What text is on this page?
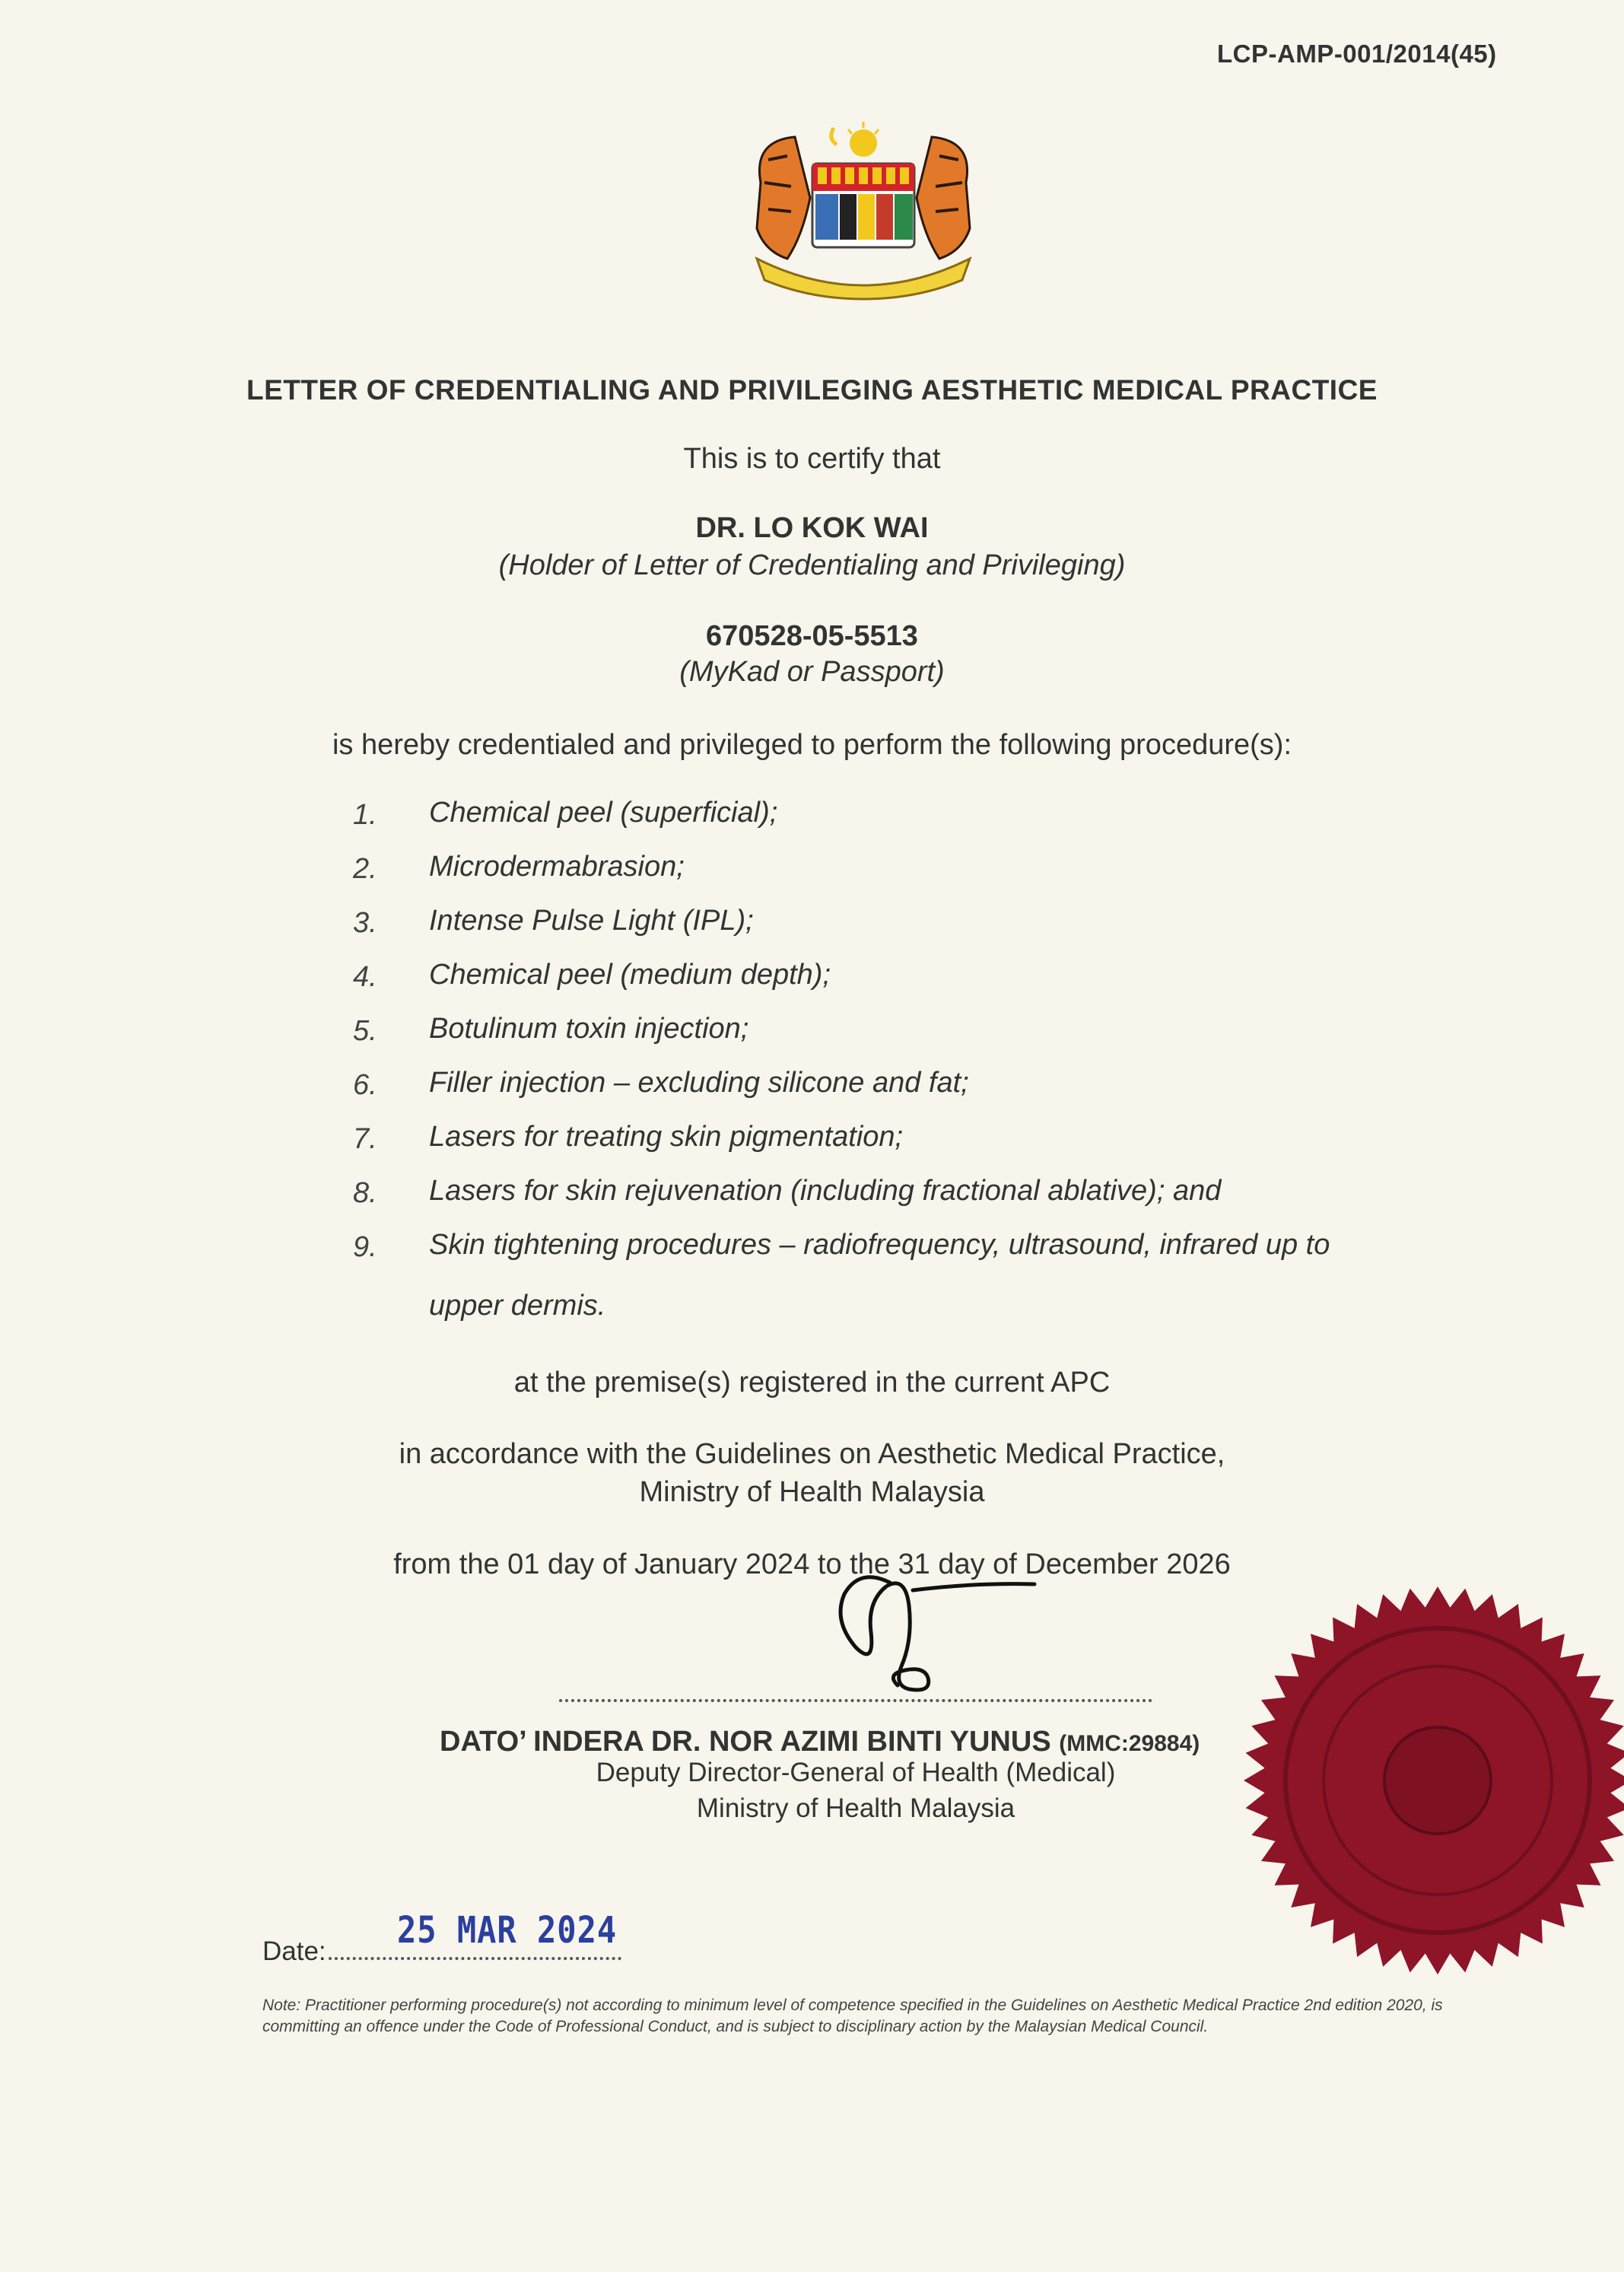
LCP-AMP-001/2014(45)
LETTER OF CREDENTIALING AND PRIVILEGING AESTHETIC MEDICAL PRACTICE
This is to certify that
DR. LO KOK WAI
(Holder of Letter of Credentialing and Privileging)
670528-05-5513
(MyKad or Passport)
is hereby credentialed and privileged to perform the following procedure(s):
1.	Chemical peel (superficial);
2.	Microdermabrasion;
3.	Intense Pulse Light (IPL);
4.	Chemical peel (medium depth);
5.	Botulinum toxin injection;
6.	Filler injection – excluding silicone and fat;
7.	Lasers for treating skin pigmentation;
8.	Lasers for skin rejuvenation (including fractional ablative); and
9.	Skin tightening procedures – radiofrequency, ultrasound, infrared up to upper dermis.
at the premise(s) registered in the current APC
in accordance with the Guidelines on Aesthetic Medical Practice,
Ministry of Health Malaysia
from the 01 day of January 2024 to the 31 day of December 2026
DATO’ INDERA DR. NOR AZIMI BINTI YUNUS (MMC:29884)
Deputy Director-General of Health (Medical)
Ministry of Health Malaysia
Date: 25 MAR 2024
Note: Practitioner performing procedure(s) not according to minimum level of competence specified in the Guidelines on Aesthetic Medical Practice 2nd edition 2020, is committing an offence under the Code of Professional Conduct, and is subject to disciplinary action by the Malaysian Medical Council.
